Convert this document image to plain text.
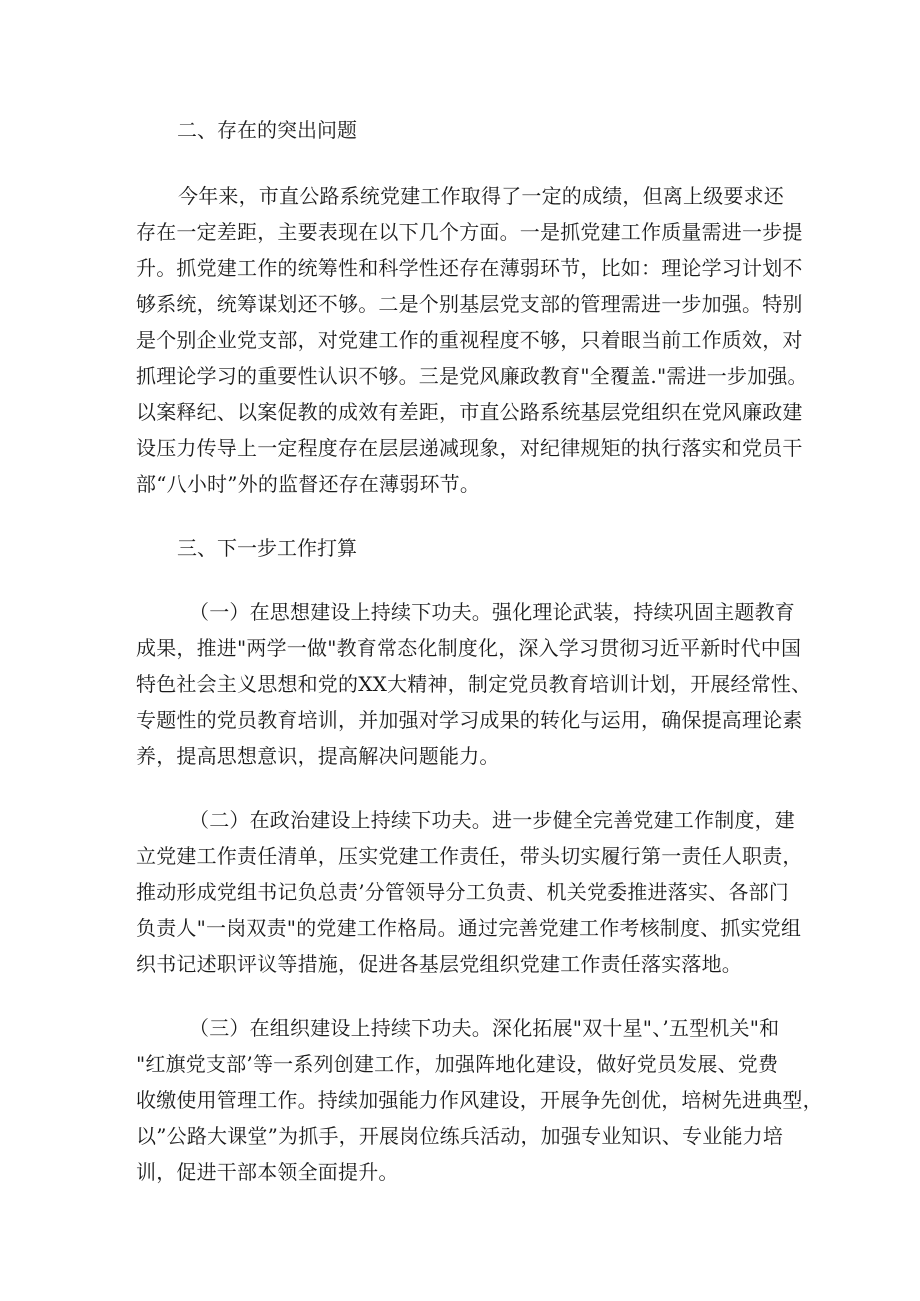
二、存在的突出问题
今年来，市直公路系统党建工作取得了一定的成绩，但离上级要求还
存在一定差距，主要表现在以下几个方面。一是抓党建工作质量需进一步提
升。抓党建工作的统筹性和科学性还存在薄弱环节，比如：理论学习计划不
够系统，统筹谋划还不够。二是个别基层党支部的管理需进一步加强。特别
是个别企业党支部，对党建工作的重视程度不够，只着眼当前工作质效，对
抓理论学习的重要性认识不够。三是党风廉政教育"全覆盖."需进一步加强。
以案释纪、以案促教的成效有差距，市直公路系统基层党组织在党风廉政建
设压力传导上一定程度存在层层递减现象，对纪律规矩的执行落实和党员干
部“八小时”外的监督还存在薄弱环节。
三、下一步工作打算
（一）在思想建设上持续下功夫。强化理论武装，持续巩固主题教育
成果，推进"两学一做"教育常态化制度化，深入学习贯彻习近平新时代中国
特色社会主义思想和党的XX大精神，制定党员教育培训计划，开展经常性、
专题性的党员教育培训，并加强对学习成果的转化与运用，确保提高理论素
养，提高思想意识，提高解决问题能力。
（二）在政治建设上持续下功夫。进一步健全完善党建工作制度，建
立党建工作责任清单，压实党建工作责任，带头切实履行第一责任人职责，
推动形成党组书记负总责’分管领导分工负责、机关党委推进落实、各部门
负责人"一岗双责"的党建工作格局。通过完善党建工作考核制度、抓实党组
织书记述职评议等措施，促进各基层党组织党建工作责任落实落地。
（三）在组织建设上持续下功夫。深化拓展"双十星"、’五型机关"和
"红旗党支部’等一系列创建工作，加强阵地化建设，做好党员发展、党费
收缴使用管理工作。持续加强能力作风建设，开展争先创优，培树先进典型，
以”公路大课堂”为抓手，开展岗位练兵活动，加强专业知识、专业能力培
训，促进干部本领全面提升。
